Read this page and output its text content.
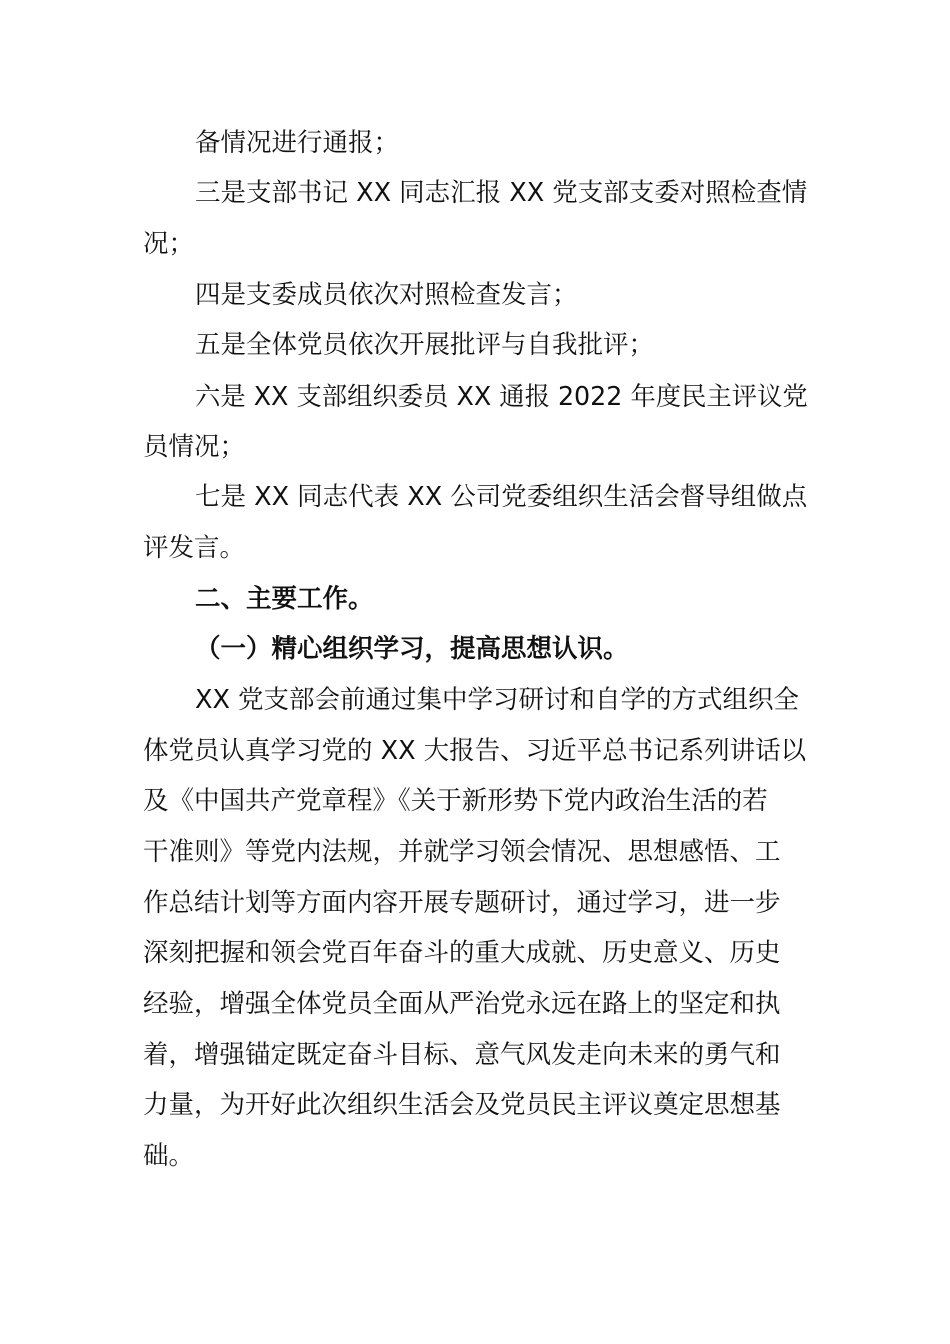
备情况进行通报；
三是支部书记 XX 同志汇报 XX 党支部支委对照检查情
况；
四是支委成员依次对照检查发言；
五是全体党员依次开展批评与自我批评；
六是 XX 支部组织委员 XX 通报 2022 年度民主评议党
员情况；
七是 XX 同志代表 XX 公司党委组织生活会督导组做点
评发言。
二、主要工作。
（一）精心组织学习，提高思想认识。
XX 党支部会前通过集中学习研讨和自学的方式组织全
体党员认真学习党的 XX 大报告、习近平总书记系列讲话以
及《中国共产党章程》《关于新形势下党内政治生活的若
干准则》等党内法规，并就学习领会情况、思想感悟、工
作总结计划等方面内容开展专题研讨，通过学习，进一步
深刻把握和领会党百年奋斗的重大成就、历史意义、历史
经验，增强全体党员全面从严治党永远在路上的坚定和执
着，增强锚定既定奋斗目标、意气风发走向未来的勇气和
力量，为开好此次组织生活会及党员民主评议奠定思想基
础。
